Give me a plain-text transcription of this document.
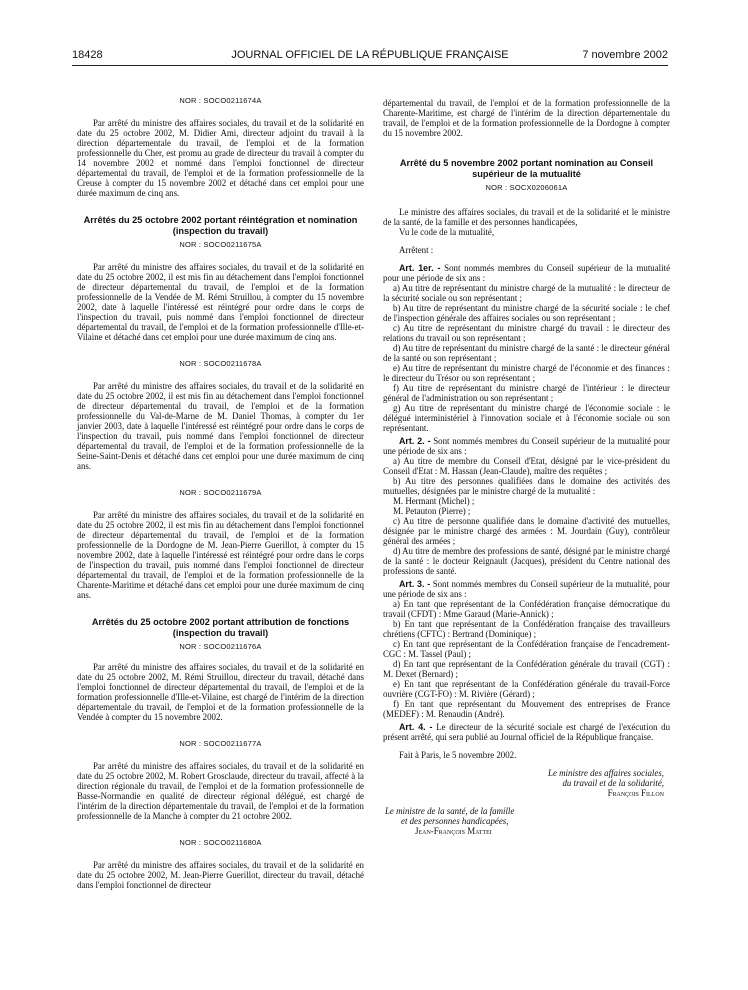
18428	JOURNAL OFFICIEL DE LA RÉPUBLIQUE FRANÇAISE	7 novembre 2002

NOR : SOCO0211674A

Par arrêté du ministre des affaires sociales, du travail et de la solidarité en date du 25 octobre 2002, M. Didier Ami, directeur adjoint du travail à la direction départementale du travail, de l'emploi et de la formation professionnelle du Cher, est promu au grade de directeur du travail à compter du 14 novembre 2002 et nommé dans l'emploi fonctionnel de directeur départemental du travail, de l'emploi et de la formation professionnelle de la Creuse à compter du 15 novembre 2002 et détaché dans cet emploi pour une durée maximum de cinq ans.

Arrêtés du 25 octobre 2002 portant réintégration et nomination (inspection du travail)

NOR : SOCO0211675A

Par arrêté du ministre des affaires sociales, du travail et de la solidarité en date du 25 octobre 2002, il est mis fin au détachement dans l'emploi fonctionnel de directeur départemental du travail, de l'emploi et de la formation professionnelle de la Vendée de M. Rémi Struillou, à compter du 15 novembre 2002, date à laquelle l'intéressé est réintégré pour ordre dans le corps de l'inspection du travail, puis nommé dans l'emploi fonctionnel de directeur départemental du travail, de l'emploi et de la formation professionnelle d'Ille-et-Vilaine et détaché dans cet emploi pour une durée maximum de cinq ans.

NOR : SOCO0211678A

Par arrêté du ministre des affaires sociales, du travail et de la solidarité en date du 25 octobre 2002, il est mis fin au détachement dans l'emploi fonctionnel de directeur départemental du travail, de l'emploi et de la formation professionnelle du Val-de-Marne de M. Daniel Thomas, à compter du 1er janvier 2003, date à laquelle l'intéressé est réintégré pour ordre dans le corps de l'inspection du travail, puis nommé dans l'emploi fonctionnel de directeur départemental du travail, de l'emploi et de la formation professionnelle de la Seine-Saint-Denis et détaché dans cet emploi pour une durée maximum de cinq ans.

NOR : SOCO0211679A

Par arrêté du ministre des affaires sociales, du travail et de la solidarité en date du 25 octobre 2002, il est mis fin au détachement dans l'emploi fonctionnel de directeur départemental du travail, de l'emploi et de la formation professionnelle de la Dordogne de M. Jean-Pierre Guerillot, à compter du 15 novembre 2002, date à laquelle l'intéressé est réintégré pour ordre dans le corps de l'inspection du travail, puis nommé dans l'emploi fonctionnel de directeur départemental du travail, de l'emploi et de la formation professionnelle de la Charente-Maritime et détaché dans cet emploi pour une durée maximum de cinq ans.

Arrêtés du 25 octobre 2002 portant attribution de fonctions (inspection du travail)

NOR : SOCO0211676A

Par arrêté du ministre des affaires sociales, du travail et de la solidarité en date du 25 octobre 2002, M. Rémi Struillou, directeur du travail, détaché dans l'emploi fonctionnel de directeur départemental du travail, de l'emploi et de la formation professionnelle d'Ille-et-Vilaine, est chargé de l'intérim de la direction départementale du travail, de l'emploi et de la formation professionnelle de la Vendée à compter du 15 novembre 2002.

NOR : SOCO0211677A

Par arrêté du ministre des affaires sociales, du travail et de la solidarité en date du 25 octobre 2002, M. Robert Grosclaude, directeur du travail, affecté à la direction régionale du travail, de l'emploi et de la formation professionnelle de Basse-Normandie en qualité de directeur régional délégué, est chargé de l'intérim de la direction départementale du travail, de l'emploi et de la formation professionnelle de la Manche à compter du 21 octobre 2002.

NOR : SOCO0211680A

Par arrêté du ministre des affaires sociales, du travail et de la solidarité en date du 25 octobre 2002, M. Jean-Pierre Guerillot, directeur du travail, détaché dans l'emploi fonctionnel de directeur

départemental du travail, de l'emploi et de la formation professionnelle de la Charente-Maritime, est chargé de l'intérim de la direction départementale du travail, de l'emploi et de la formation professionnelle de la Dordogne à compter du 15 novembre 2002.

Arrêté du 5 novembre 2002 portant nomination au Conseil supérieur de la mutualité

NOR : SOCX0206061A

Le ministre des affaires sociales, du travail et de la solidarité et le ministre de la santé, de la famille et des personnes handicapées,

Vu le code de la mutualité,

Arrêtent :

Art. 1er. - Sont nommés membres du Conseil supérieur de la mutualité pour une période de six ans :

a) Au titre de représentant du ministre chargé de la mutualité : le directeur de la sécurité sociale ou son représentant ;

b) Au titre de représentant du ministre chargé de la sécurité sociale : le chef de l'inspection générale des affaires sociales ou son représentant ;

c) Au titre de représentant du ministre chargé du travail : le directeur des relations du travail ou son représentant ;

d) Au titre de représentant du ministre chargé de la santé : le directeur général de la santé ou son représentant ;

e) Au titre de représentant du ministre chargé de l'économie et des finances : le directeur du Trésor ou son représentant ;

f) Au titre de représentant du ministre chargé de l'intérieur : le directeur général de l'administration ou son représentant ;

g) Au titre de représentant du ministre chargé de l'économie sociale : le délégué interministériel à l'innovation sociale et à l'économie sociale ou son représentant.

Art. 2. - Sont nommés membres du Conseil supérieur de la mutualité pour une période de six ans :

a) Au titre de membre du Conseil d'Etat, désigné par le vice-président du Conseil d'Etat : M. Hassan (Jean-Claude), maître des requêtes ;

b) Au titre des personnes qualifiées dans le domaine des activités des mutuelles, désignées par le ministre chargé de la mutualité :

M. Hermant (Michel) ;

M. Petauton (Pierre) ;

c) Au titre de personne qualifiée dans le domaine d'activité des mutuelles, désignée par le ministre chargé des armées : M. Jourdain (Guy), contrôleur général des armées ;

d) Au titre de membre des professions de santé, désigné par le ministre chargé de la santé : le docteur Reignault (Jacques), président du Centre national des professions de santé.

Art. 3. - Sont nommés membres du Conseil supérieur de la mutualité, pour une période de six ans :

a) En tant que représentant de la Confédération française démocratique du travail (CFDT) : Mme Garaud (Marie-Annick) ;

b) En tant que représentant de la Confédération française des travailleurs chrétiens (CFTC) : Bertrand (Dominique) ;

c) En tant que représentant de la Confédération française de l'encadrement-CGC : M. Tassel (Paul) ;

d) En tant que représentant de la Confédération générale du travail (CGT) : M. Dexet (Bernard) ;

e) En tant que représentant de la Confédération générale du travail-Force ouvrière (CGT-FO) : M. Rivière (Gérard) ;

f) En tant que représentant du Mouvement des entreprises de France (MEDEF) : M. Renaudin (André).

Art. 4. - Le directeur de la sécurité sociale est chargé de l'exécution du présent arrêté, qui sera publié au Journal officiel de la République française.

Fait à Paris, le 5 novembre 2002.

Le ministre des affaires sociales,

du travail et de la solidarité,

François Fillon

Le ministre de la santé, de la famille

et des personnes handicapées,

Jean-François Mattei
